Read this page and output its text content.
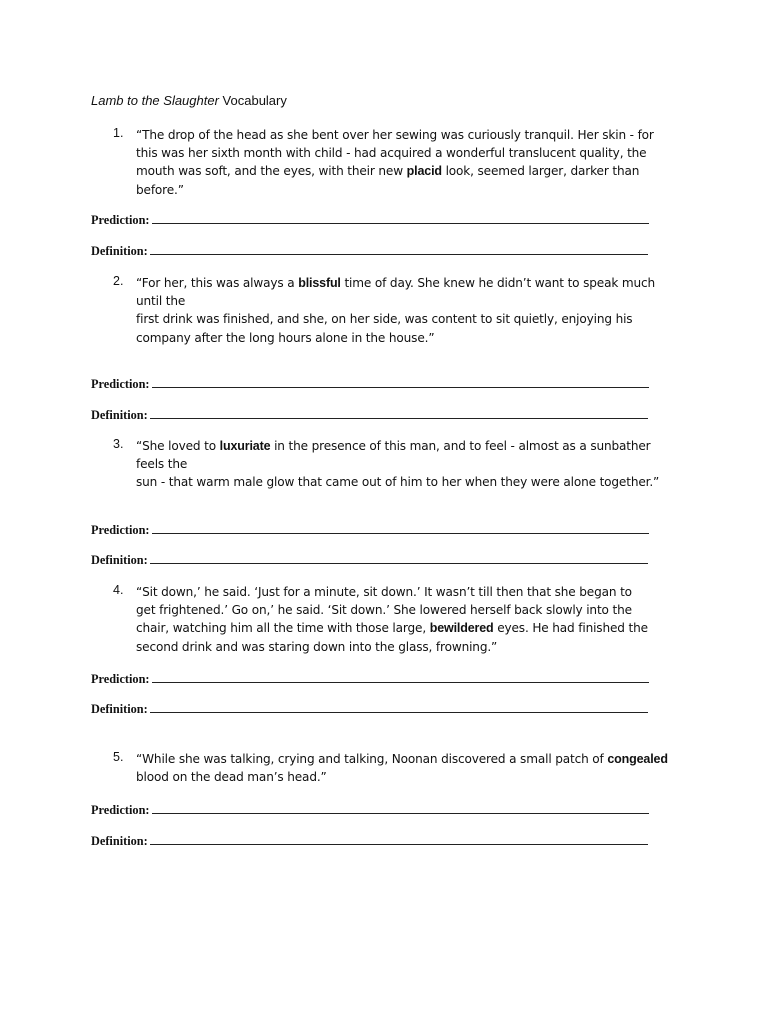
Lamb to the Slaughter Vocabulary
1. “The drop of the head as she bent over her sewing was curiously tranquil. Her skin - for
this was her sixth month with child - had acquired a wonderful translucent quality, the
mouth was soft, and the eyes, with their new placid look, seemed larger, darker than
before.”
Prediction:
Definition:
2. “For her, this was always a blissful time of day. She knew he didn’t want to speak much
until the
first drink was finished, and she, on her side, was content to sit quietly, enjoying his
company after the long hours alone in the house.”
Prediction:
Definition:
3. “She loved to luxuriate in the presence of this man, and to feel - almost as a sunbather
feels the
sun - that warm male glow that came out of him to her when they were alone together.”
Prediction:
Definition:
4. “Sit down,’ he said. ‘Just for a minute, sit down.’ It wasn’t till then that she began to
get frightened.’ Go on,’ he said. ‘Sit down.’ She lowered herself back slowly into the
chair, watching him all the time with those large, bewildered eyes. He had finished the
second drink and was staring down into the glass, frowning.”
Prediction:
Definition:
5. “While she was talking, crying and talking, Noonan discovered a small patch of congealed
blood on the dead man’s head.”
Prediction:
Definition:
